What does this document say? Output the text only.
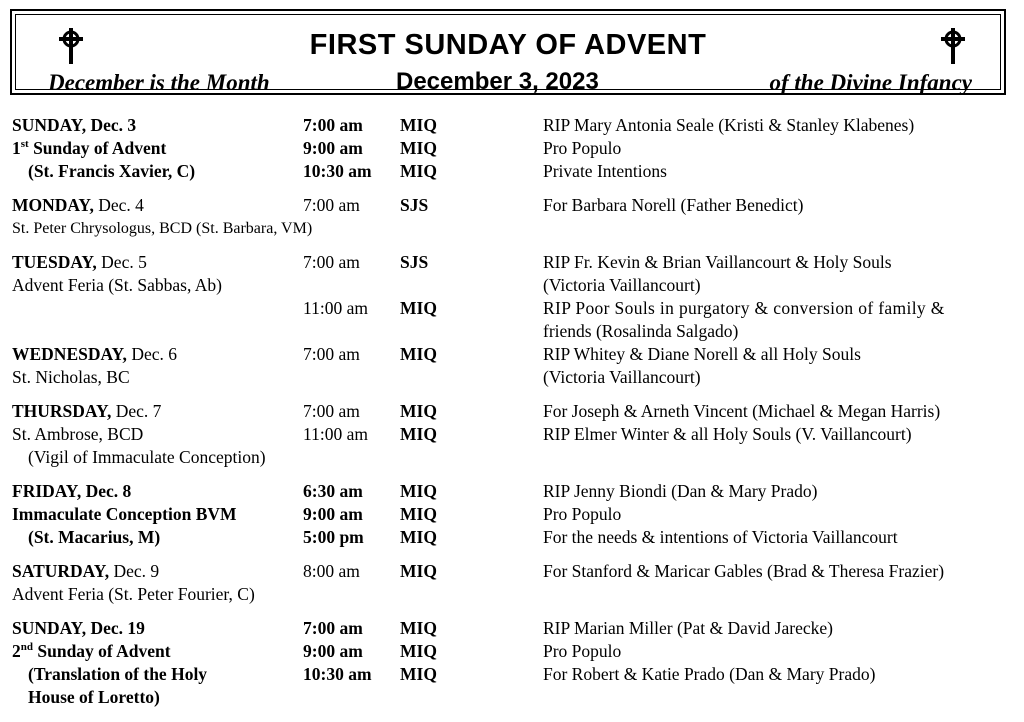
FIRST SUNDAY OF ADVENT
December is the Month	December 3, 2023	of the Divine Infancy
SUNDAY, Dec. 3	7:00 am MIQ	RIP Mary Antonia Seale (Kristi & Stanley Klabenes)
1st Sunday of Advent	9:00 am MIQ	Pro Populo
(St. Francis Xavier, C)	10:30 am MIQ	Private Intentions
MONDAY, Dec. 4	7:00 am SJS	For Barbara Norell (Father Benedict)
St. Peter Chrysologus, BCD (St. Barbara, VM)
TUESDAY, Dec. 5	7:00 am SJS	RIP Fr. Kevin & Brian Vaillancourt & Holy Souls
Advent Feria (St. Sabbas, Ab)	(Victoria Vaillancourt)
11:00 am MIQ	RIP Poor Souls in purgatory & conversion of family &
friends (Rosalinda Salgado)
WEDNESDAY, Dec. 6	7:00 am MIQ	RIP Whitey & Diane Norell & all Holy Souls
St. Nicholas, BC	(Victoria Vaillancourt)
THURSDAY, Dec. 7	7:00 am MIQ	For Joseph & Arneth Vincent (Michael & Megan Harris)
St. Ambrose, BCD	11:00 am MIQ	RIP Elmer Winter & all Holy Souls (V. Vaillancourt)
(Vigil of Immaculate Conception)
FRIDAY, Dec. 8	6:30 am MIQ	RIP Jenny Biondi (Dan & Mary Prado)
Immaculate Conception BVM	9:00 am MIQ	Pro Populo
(St. Macarius, M)	5:00 pm MIQ	For the needs & intentions of Victoria Vaillancourt
SATURDAY, Dec. 9	8:00 am MIQ	For Stanford & Maricar Gables (Brad & Theresa Frazier)
Advent Feria (St. Peter Fourier, C)
SUNDAY, Dec. 19	7:00 am MIQ	RIP Marian Miller (Pat & David Jarecke)
2nd Sunday of Advent	9:00 am MIQ	Pro Populo
(Translation of the Holy	10:30 am MIQ	For Robert & Katie Prado (Dan & Mary Prado)
House of Loretto)
